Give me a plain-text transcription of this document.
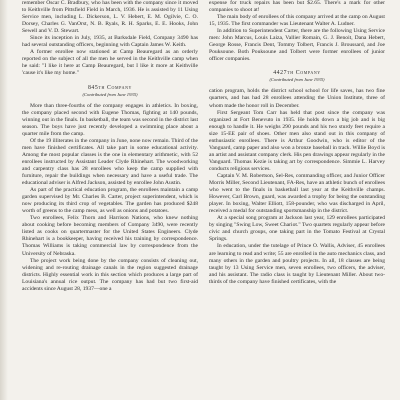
remember Oscar C. Bradbury, who has been with the company since it moved to Keithville from Pittsfield Field in March, 1936. He is assisted by 11 Using Service men, including L. Dickerson, L. V. Hebert, E. M. Ogilvie, C. O. Dorsey, Charles G. VanOrst, N. B. Ryals, R. H. Sparks, E. E. Hooks, John Sewell and V. D. Stewart.

Since its inception in July, 1935, at Barksdale Field, Company 3490 has had several outstanding officers, beginning with Captain James W. Keith.

A former enrollee now stationed at Camp Beauregard as an orderly reported on the subject of all the men he served in the Keithville camp when he said: "I like it here at Camp Beauregard, but I like it more at Keithville 'cause it's like my home."

845th Company
(Contributed from June 1935)

More than three-fourths of the company engages in athletics. In boxing, the company placed second with Eugene Thomas, fighting at 140 pounds, winning out in the finals. In basketball, the team was second in the district last season. The boys have just recently developed a swimming place about a quarter mile from the camp.

Of the 19 illiterates in the company in June, none now remain. Third of the men have finished certificates. All take part in some educational activity. Among the most popular classes is the one in elementary arithmetic, with 52 enrollees instructed by Assistant Leader Clyde Rhinehart. The woodworking and carpentry class has 28 enrollees who keep the camp supplied with furniture, repair the buildings when necessary and have a useful trade. The educational adviser is Alfred Jackson, assisted by enrollee John Austin.

As part of the practical education program, the enrollees maintain a camp garden supervised by Mr. Charles B. Carter, project superintendent, which is now producing its third crop of vegetables. The garden has produced $248 worth of greens to the camp mess, as well as onions and potatoes.

Two enrollees, Felix Thorn and Harrison Nations, who knew nothing about cooking before becoming members of Company 3490, were recently listed as cooks on quartermaster for the United States Engineers. Clyde Rhinehart is a bookkeeper, having received his training by correspondence. Thomas Williams is taking commercial law by correspondence from the University of Nebraska.

The project work being done by the company consists of cleaning out, widening and re-routing drainage canals in the region suggested drainage districts. Highly essential work in this section which produces a large part of Louisiana's annual rice output. The company has had but two first-aid accidents since August 28, 1937—one a

expense for truck repairs has been but $2.65. There's a mark for other companies to shoot at!

The main body of enrollees of this company arrived at the camp on August 15, 1935. The first commander was Lieutenant Walter A. Ludner.

In addition to Superintendent Carter, there are the following Using Service men: John Marcus, Louis Laiza, Vallier Romain, G. J. Benoit, Dana Hebert, George Rosse, Francis Dent, Tommy Tolbert, Francis J. Broussard, and Joe Pouksoune. Both Pouksoune and Tolbert were former enrollees of junior officer companies.

4427th Company
(Contributed from June 1935)

cation program, holds the district school school for life saves, has two fine quarters, and has had 28 enrollees attending the Union Institute, three of whom made the honor roll in December.

First Sergeant Tom Carr has held that post since the company was organized at Fort Benevuto in 1935. He holds down a big job and is big enough to handle it. He weighs 290 pounds and his two sturdy feet require a size 15-EE pair of shoes. Other men also stand out in this company of enthusiastic enrollees. There is Arthur Goodwin, who is editor of the Vanguard, camp paper and also won a bronze baseball in track. Willie Boyd is an artist and assistant company clerk. His pen drawings appear regularly in the Vanguard. Thomas Kezie is taking art by correspondence. Simmie L. Harvey conducts religious services.

Captain V. M. Robertson, Sel-Res, commanding officer, and Junior Officer Morris Miller, Second Lieutenant, FA-Res, have an athletic bunch of enrollees who went to the finals in basketball last year at the Keithville champs. However, Carl Brown, guard, was awarded a trophy for being the outstanding player. In boxing, Walter Elliott, 158-pounder, who was discharged in April, received a medal for outstanding sportsmanship in the district.

At a special song program at Jackson last year, 129 enrollees participated by singing "Swing Low, Sweet Chariot." Two quartets regularly appear before civic and church groups, one taking part in the Tomato Festival at Crystal Springs.

In education, under the tutelage of Prince O. Wallis, Adviser, 45 enrollees are learning to read and write; 55 are enrolled in the auto mechanics class, and many others in the garden and poultry projects. In all, 18 classes are being taught by 13 Using Service men, seven enrollees, two officers, the adviser, and his assistant. The radio class is taught by Lieutenant Miller. About two-thirds of the company have finished certificates, with the
